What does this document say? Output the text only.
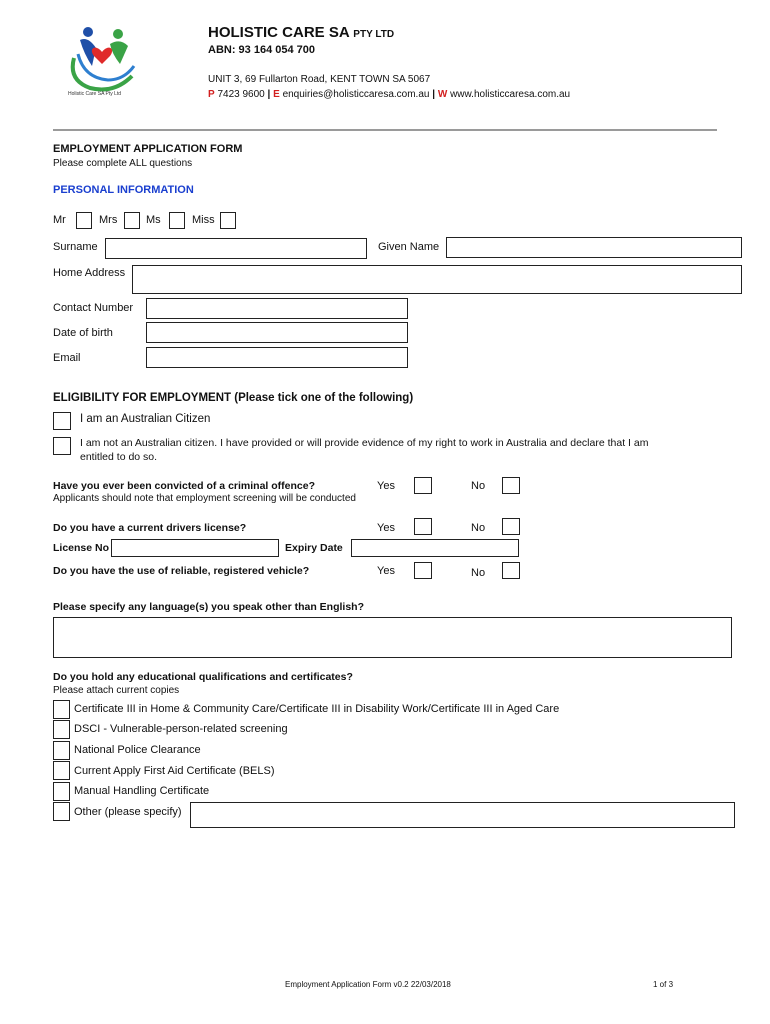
Holistic Care SA Pty Ltd
HOLISTIC CARE SA PTY LTD
ABN: 93 164 054 700
UNIT 3, 69 Fullarton Road, KENT TOWN SA 5067
P 7423 9600 | E enquiries@holisticcaresa.com.au | W www.holisticcaresa.com.au
EMPLOYMENT APPLICATION FORM
Please complete ALL questions
PERSONAL INFORMATION
Mr	Mrs	Ms	Miss
Surname	Given Name
Home Address
Contact Number
Date of birth
Email
ELIGIBILITY FOR EMPLOYMENT (Please tick one of the following)
I am an Australian Citizen
I am not an Australian citizen. I have provided or will provide evidence of my right to work in Australia and declare that I am
entitled to do so.
Have you ever been convicted of a criminal offence?	Yes	No
Applicants should note that employment screening will be conducted
Do you have a current drivers license?	Yes	No
License No	Expiry Date
Do you have the use of reliable, registered vehicle?	Yes	No
Please specify any language(s) you speak other than English?
Do you hold any educational qualifications and certificates?
Please attach current copies
Certificate III in Home & Community Care/Certificate III in Disability Work/Certificate III in Aged Care
DSCI - Vulnerable-person-related screening
National Police Clearance
Current Apply First Aid Certificate (BELS)
Manual Handling Certificate
Other (please specify)
Employment Application Form v0.2 22/03/2018	1 of 3
